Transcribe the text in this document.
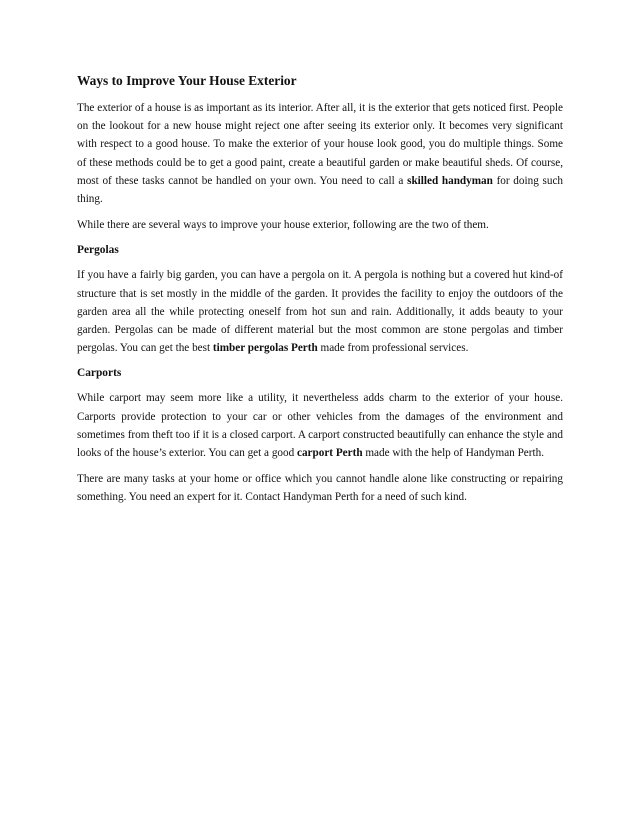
Ways to Improve Your House Exterior

The exterior of a house is as important as its interior. After all, it is the exterior that gets noticed first. People on the lookout for a new house might reject one after seeing its exterior only. It becomes very significant with respect to a good house. To make the exterior of your house look good, you do multiple things. Some of these methods could be to get a good paint, create a beautiful garden or make beautiful sheds. Of course, most of these tasks cannot be handled on your own. You need to call a skilled handyman for doing such thing.

While there are several ways to improve your house exterior, following are the two of them.

Pergolas

If you have a fairly big garden, you can have a pergola on it. A pergola is nothing but a covered hut kind-of structure that is set mostly in the middle of the garden. It provides the facility to enjoy the outdoors of the garden area all the while protecting oneself from hot sun and rain. Additionally, it adds beauty to your garden. Pergolas can be made of different material but the most common are stone pergolas and timber pergolas. You can get the best timber pergolas Perth made from professional services.

Carports

While carport may seem more like a utility, it nevertheless adds charm to the exterior of your house. Carports provide protection to your car or other vehicles from the damages of the environment and sometimes from theft too if it is a closed carport. A carport constructed beautifully can enhance the style and looks of the house’s exterior. You can get a good carport Perth made with the help of Handyman Perth.

There are many tasks at your home or office which you cannot handle alone like constructing or repairing something. You need an expert for it. Contact Handyman Perth for a need of such kind.
